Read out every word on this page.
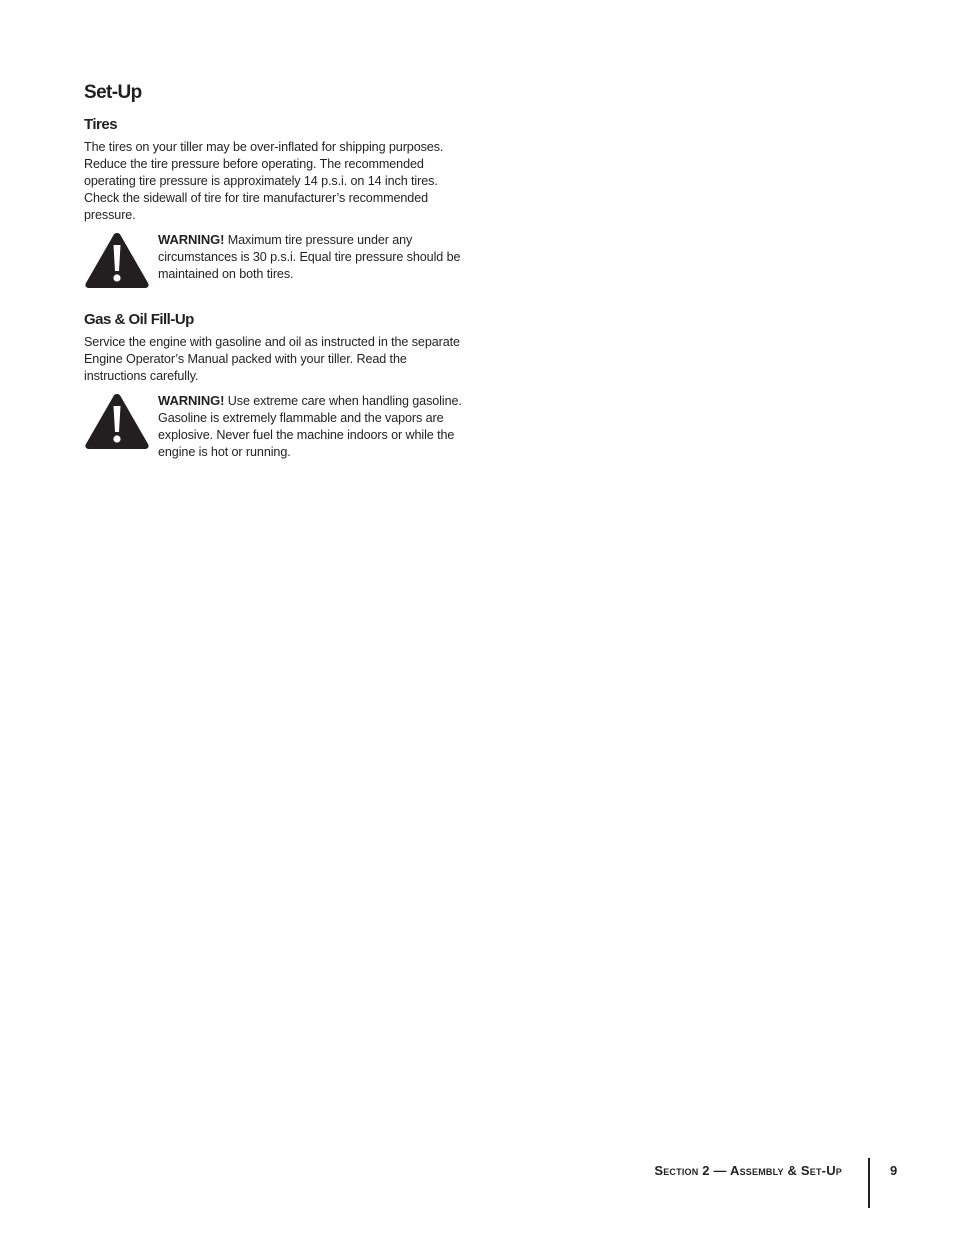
Set-Up
Tires

The tires on your tiller may be over-inflated for shipping purposes. Reduce the tire pressure before operating. The recommended operating tire pressure is approximately 14 p.s.i. on 14 inch tires. Check the sidewall of tire for tire manufacturer’s recommended pressure.

WARNING! Maximum tire pressure under any circumstances is 30 p.s.i. Equal tire pressure should be maintained on both tires.

Gas & Oil Fill-Up

Service the engine with gasoline and oil as instructed in the separate Engine Operator’s Manual packed with your tiller. Read the instructions carefully.

WARNING! Use extreme care when handling gasoline. Gasoline is extremely flammable and the vapors are explosive. Never fuel the machine indoors or while the engine is hot or running.

Section 2 — Assembly & Set-Up	9
